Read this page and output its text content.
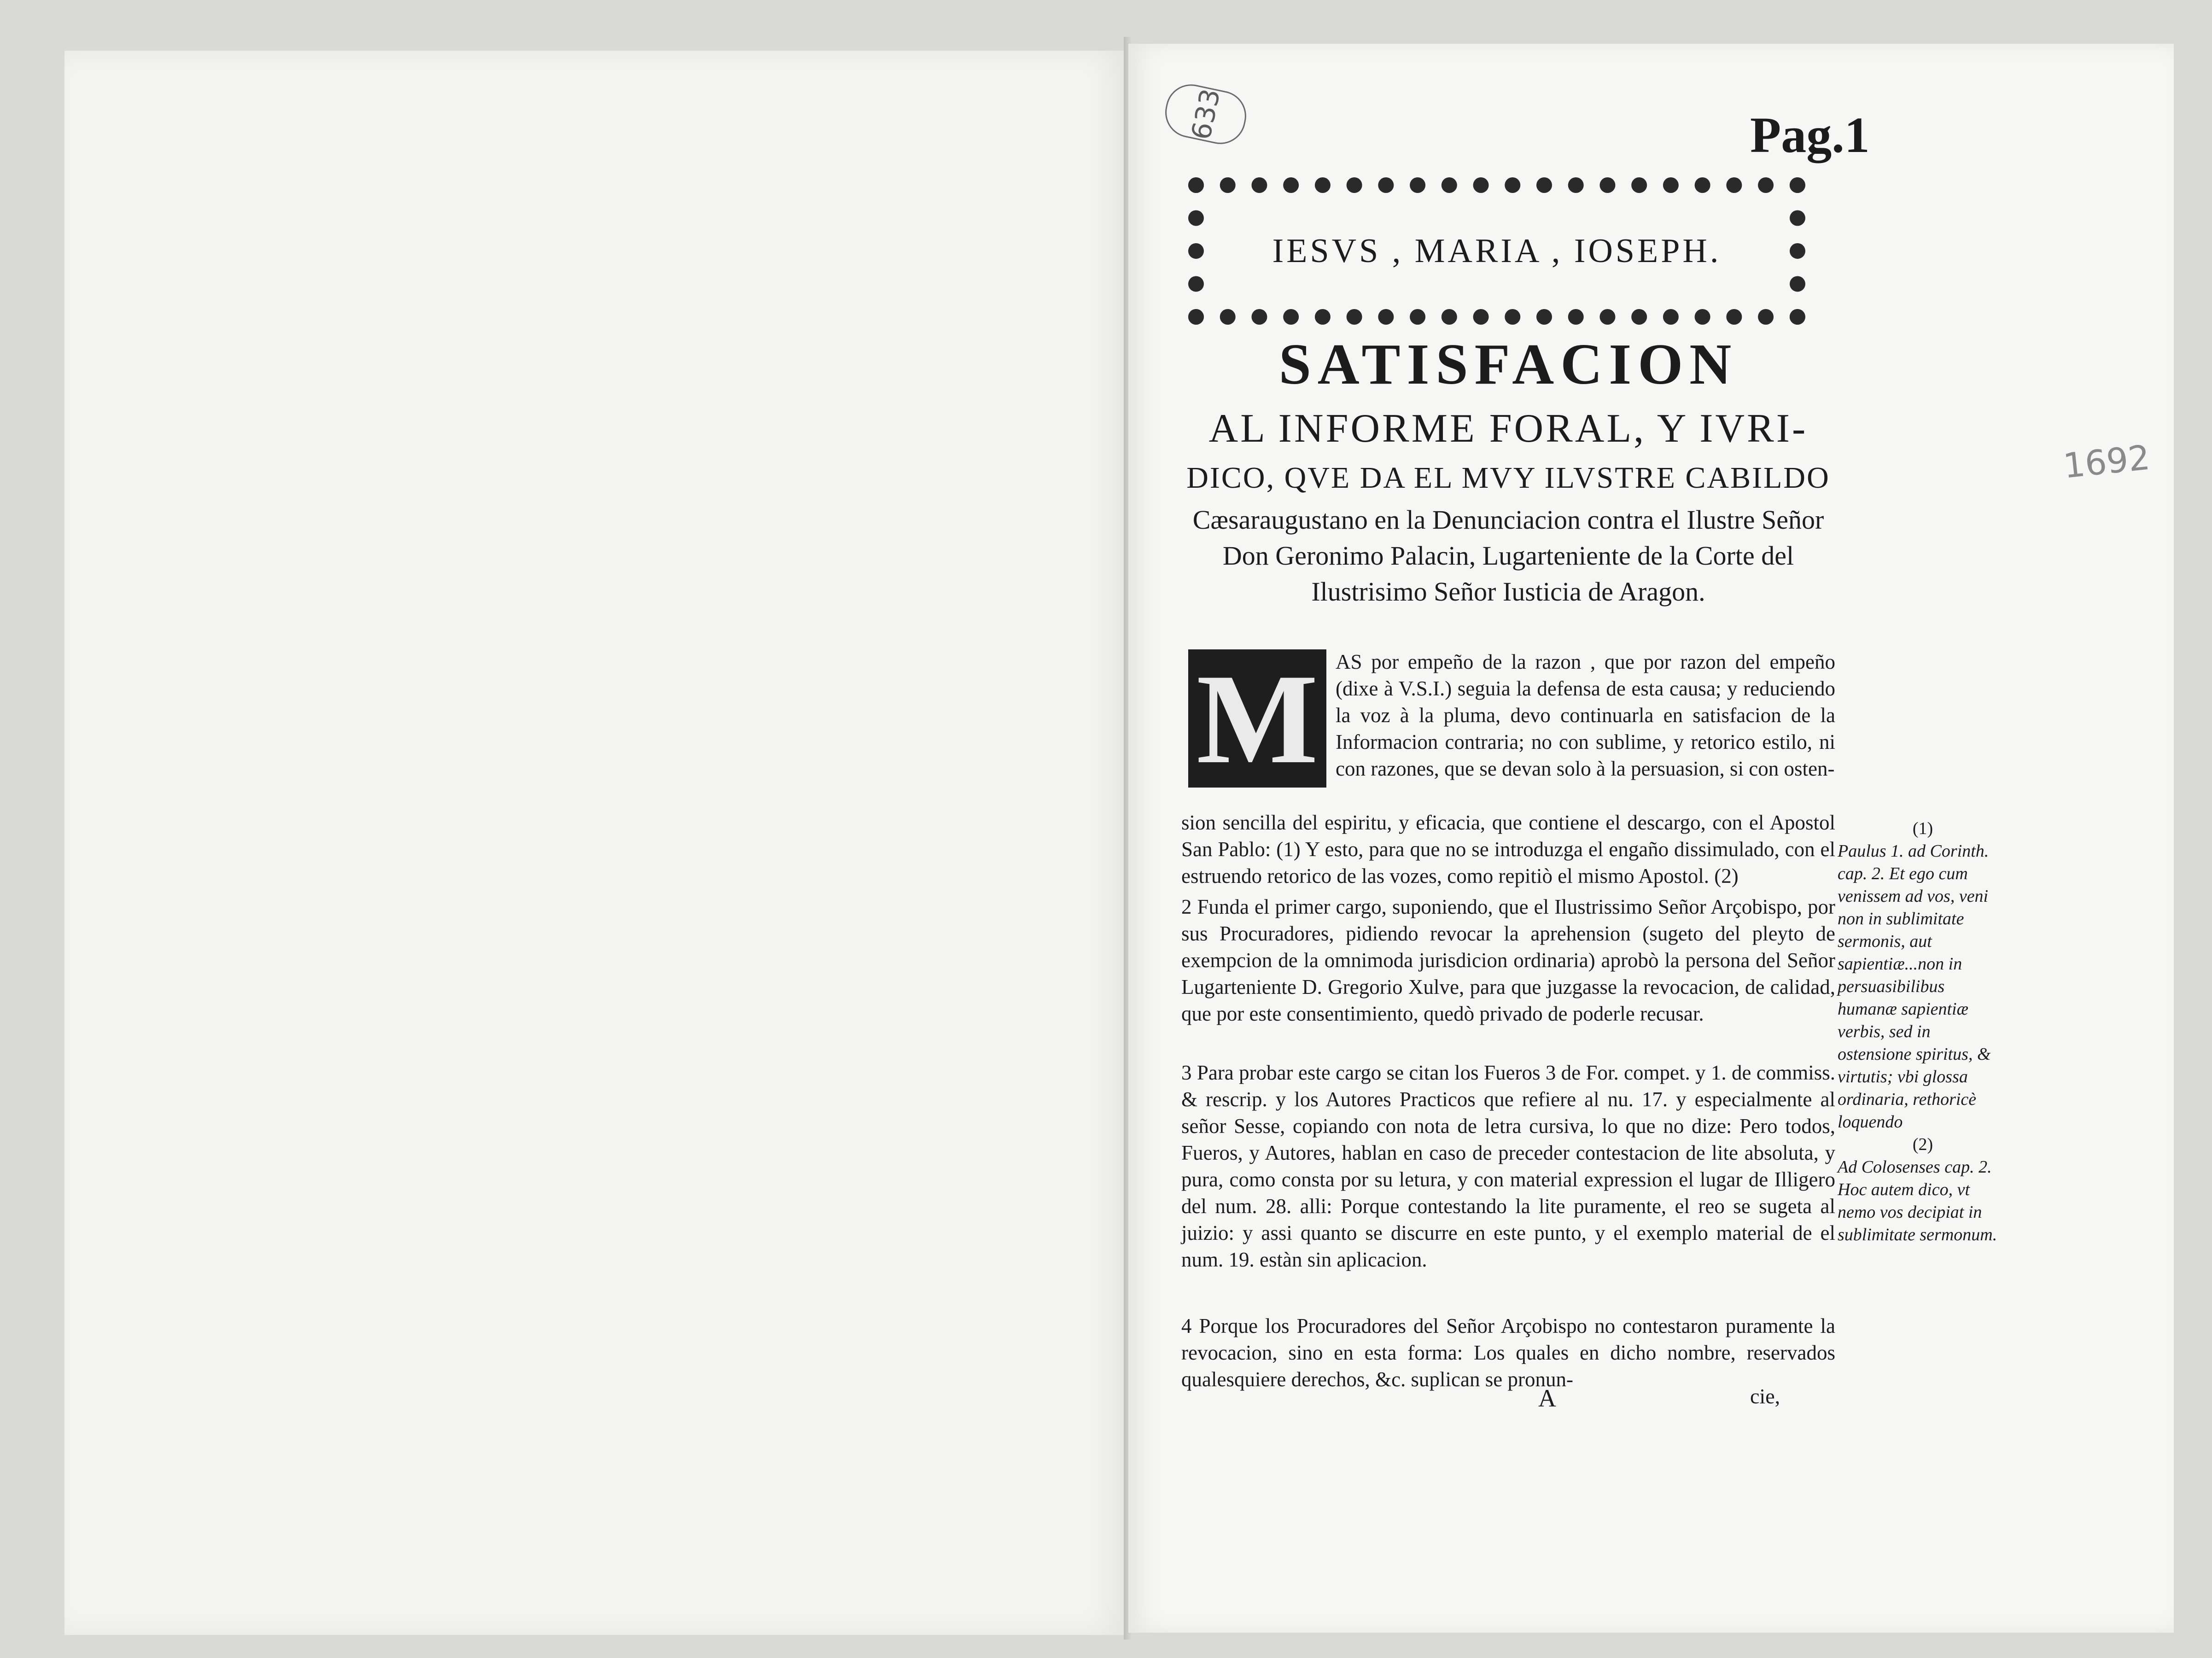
633
1692
Pag.1
IESVS , MARIA , IOSEPH.
SATISFACION
AL INFORME FORAL, Y IVRI-
DICO, QVE DA EL MVY ILVSTRE CABILDO
Cæsaraugustano en la Denunciacion contra el Ilustre Señor Don Geronimo Palacin, Lugarteniente de la Corte del Ilustrisimo Señor Iusticia de Aragon.
M AS por empeño de la razon , que por razon del empeño (dixe à V.S.I.) seguia la defensa de esta causa; y reduciendo la voz à la pluma, devo continuarla en satisfacion de la Informacion contraria; no con sublime, y retorico estilo, ni con razones, que se devan solo à la persuasion, si con osten-
sion sencilla del espiritu, y eficacia, que contiene el descargo, con el Apostol San Pablo: (1) Y esto, para que no se introduzga el engaño dissimulado, con el estruendo retorico de las vozes, como repitiò el mismo Apostol. (2)
2 Funda el primer cargo, suponiendo, que el Ilustrissimo Señor Arçobispo, por sus Procuradores, pidiendo revocar la aprehension (sugeto del pleyto de exempcion de la omnimoda jurisdicion ordinaria) aprobò la persona del Señor Lugarteniente D. Gregorio Xulve, para que juzgasse la revocacion, de calidad, que por este consentimiento, quedò privado de poderle recusar.
3 Para probar este cargo se citan los Fueros 3 de For. compet. y 1. de commiss. & rescrip. y los Autores Practicos que refiere al nu. 17. y especialmente al señor Sesse, copiando con nota de letra cursiva, lo que no dize: Pero todos, Fueros, y Autores, hablan en caso de preceder contestacion de lite absoluta, y pura, como consta por su letura, y con material expression el lugar de Illigero del num. 28. alli: Porque contestando la lite puramente, el reo se sugeta al juizio: y assi quanto se discurre en este punto, y el exemplo material de el num. 19. estàn sin aplicacion.
4 Porque los Procuradores del Señor Arçobispo no contestaron puramente la revocacion, sino en esta forma: Los quales en dicho nombre, reservados qualesquiere derechos, &c. suplican se pronun-
A	cie,
(1)
Paulus 1. ad Corinth. cap. 2. Et ego cum venissem ad vos, veni non in sublimitate sermonis, aut sapientiæ...non in persuasibilibus humanæ sapientiæ verbis, sed in ostensione spiritus, & virtutis; vbi glossa ordinaria, rethoricè loquendo
(2)
Ad Colosenses cap. 2. Hoc autem dico, vt nemo vos decipiat in sublimitate sermonum.
